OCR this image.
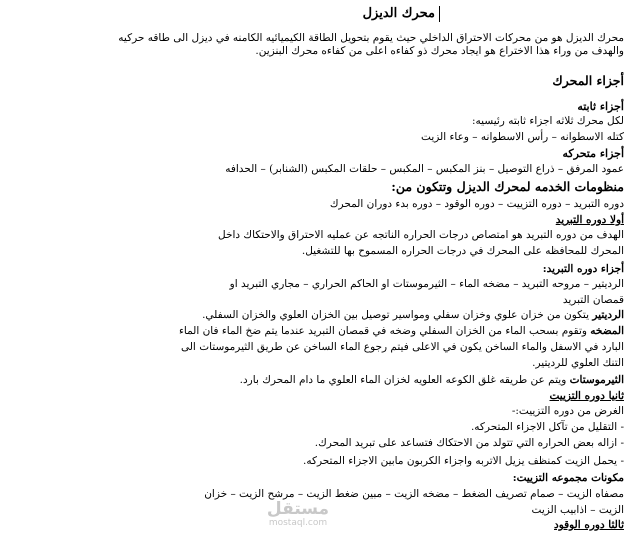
محرك الديزل
محرك الديزل هو من محركات الاحتراق الداخلي حيث يقوم بتحويل الطاقة الكيميائيه الكامنه في ديزل الى طاقه حركيه
والهدف من وراء هذا الاختراع هو ايجاد محرك ذو كفاءه اعلى من كفاءه محرك البنزين.
أجزاء المحرك
أجزاء ثابته
لكل محرك ثلاثه اجزاء ثابته رئيسيه:
كتله الاسطوانه – رأس الاسطوانه – وعاء الزيت
أجزاء متحركه
عمود المرفق – ذراع التوصيل – بنز المكبس – المكبس – حلقات المكبس (الشنابر) – الحدافه
منظومات الخدمه لمحرك الديزل وتتكون من:
دوره التبريد – دوره التزييت – دوره الوقود – دوره بدء دوران المحرك
أولا دوره التبريد
الهدف من دوره التبريد هو امتصاص درجات الحراره الناتجه عن عمليه الاحتراق والاحتكاك داخل
المحرك للمحافظه على المحرك في درجات الحراره المسموح بها للتشغيل.
أجزاء دوره التبريد:
الرديتير – مروحه التبريد – مضخه الماء – الثيرموستات او الحاكم الحراري – مجاري التبريد او
قمصان التبريد
الرديتير يتكون من خزان علوي وخزان سفلي ومواسير توصيل بين الخزان العلوي والخزان السفلي.
المضخه وتقوم بسحب الماء من الخزان السفلي وضخه في قمصان التبريد عندما يتم ضخ الماء فان الماء
البارد في الاسفل والماء الساخن يكون في الاعلى فيتم رجوع الماء الساخن عن طريق الثيرموستات الى
التنك العلوي للرديتير.
الثيرموستات ويتم عن طريقه غلق الكوعه العلويه لخزان الماء العلوي ما دام المحرك بارد.
ثانيا دوره التزييت
الغرض من دوره التزييت:-
- التقليل من تآكل الاجزاء المتحركه.
- ازاله بعض الحراره التي تتولد من الاحتكاك فتساعد على تبريد المحرك.
- يحمل الزيت كمنظف يزيل الاتربه واجزاء الكربون مابين الاجزاء المتحركه.
مكونات مجموعه التزييت:
مصفاه الزيت – صمام تصريف الضغط – مضخه الزيت – مبين ضغط الزيت – مرشح الزيت – خزان
الزيت – اذابيب الزيت
ثالثا دوره الوقود
مستقل
mostaql.com
